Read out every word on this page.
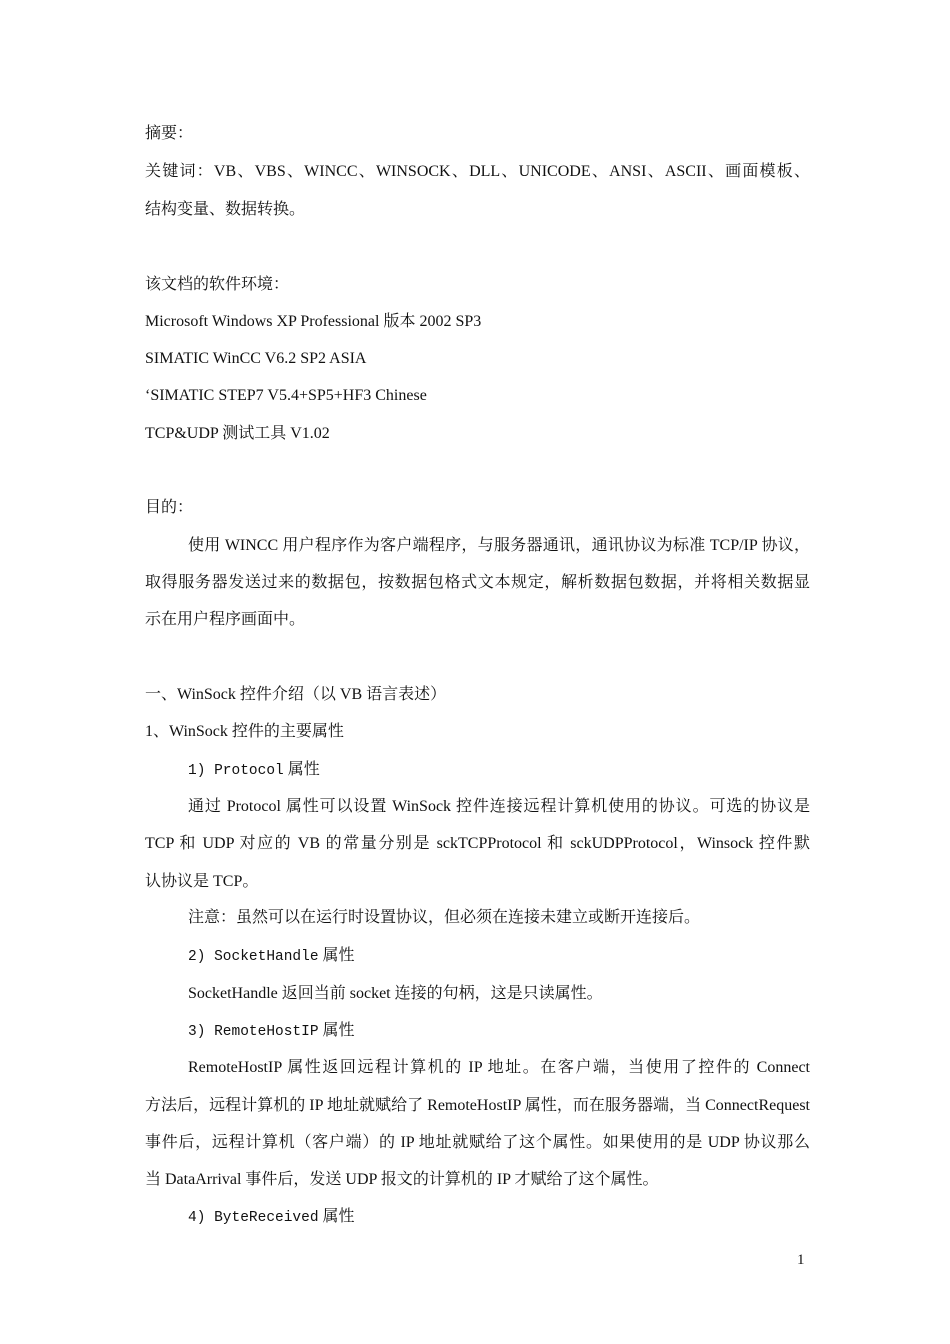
摘要：
关键词：VB、VBS、WINCC、WINSOCK、DLL、UNICODE、ANSI、ASCII、画面模板、
结构变量、数据转换。
该文档的软件环境：
Microsoft Windows XP Professional 版本 2002 SP3
SIMATIC WinCC V6.2 SP2 ASIA
‘SIMATIC STEP7 V5.4+SP5+HF3 Chinese
TCP&UDP 测试工具 V1.02
目的：
使用 WINCC 用户程序作为客户端程序，与服务器通讯，通讯协议为标准 TCP/IP 协议，
取得服务器发送过来的数据包，按数据包格式文本规定，解析数据包数据，并将相关数据显
示在用户程序画面中。
一、WinSock 控件介绍（以 VB 语言表述）
1、WinSock 控件的主要属性
1) Protocol 属性
通过 Protocol 属性可以设置 WinSock 控件连接远程计算机使用的协议。可选的协议是
TCP 和 UDP 对应的 VB 的常量分别是 sckTCPProtocol 和 sckUDPProtocol，Winsock 控件默
认协议是 TCP。
注意：虽然可以在运行时设置协议，但必须在连接未建立或断开连接后。
2) SocketHandle 属性
SocketHandle 返回当前 socket 连接的句柄，这是只读属性。
3) RemoteHostIP 属性
RemoteHostIP 属性返回远程计算机的 IP 地址。在客户端，当使用了控件的 Connect
方法后，远程计算机的 IP 地址就赋给了 RemoteHostIP 属性，而在服务器端，当 ConnectRequest
事件后，远程计算机（客户端）的 IP 地址就赋给了这个属性。如果使用的是 UDP 协议那么
当 DataArrival 事件后，发送 UDP 报文的计算机的 IP 才赋给了这个属性。
4) ByteReceived 属性
1
